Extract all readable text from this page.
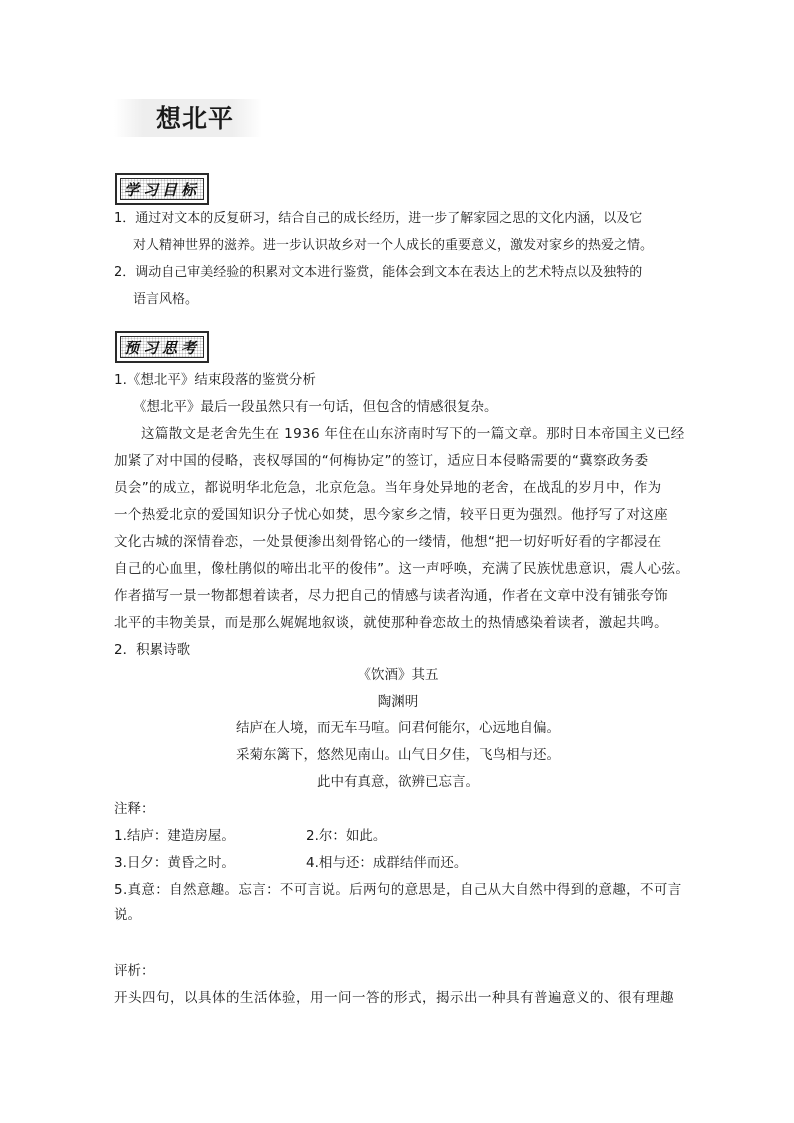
想北平
学习目标
1．通过对文本的反复研习，结合自己的成长经历，进一步了解家园之思的文化内涵，以及它
对人精神世界的滋养。进一步认识故乡对一个人成长的重要意义，激发对家乡的热爱之情。
2．调动自己审美经验的积累对文本进行鉴赏，能体会到文本在表达上的艺术特点以及独特的
语言风格。
预习思考
1.《想北平》结束段落的鉴赏分析
《想北平》最后一段虽然只有一句话，但包含的情感很复杂。
这篇散文是老舍先生在 1936 年住在山东济南时写下的一篇文章。那时日本帝国主义已经
加紧了对中国的侵略，丧权辱国的“何梅协定”的签订，适应日本侵略需要的“冀察政务委
员会”的成立，都说明华北危急，北京危急。当年身处异地的老舍，在战乱的岁月中，作为
一个热爱北京的爱国知识分子忧心如焚，思今家乡之情，较平日更为强烈。他抒写了对这座
文化古城的深情眷恋，一处景便渗出刻骨铭心的一缕情，他想“把一切好听好看的字都浸在
自己的心血里，像杜鹃似的啼出北平的俊伟”。这一声呼唤，充满了民族忧患意识，震人心弦。
作者描写一景一物都想着读者，尽力把自己的情感与读者沟通，作者在文章中没有铺张夸饰
北平的丰物美景，而是那么娓娓地叙谈，就使那种眷恋故土的热情感染着读者，激起共鸣。
2．积累诗歌
《饮酒》其五
陶渊明
结庐在人境，而无车马喧。问君何能尔，心远地自偏。
采菊东篱下，悠然见南山。山气日夕佳，飞鸟相与还。
此中有真意，欲辨已忘言。
注释：
1.结庐：建造房屋。	2.尔：如此。
3.日夕：黄昏之时。	4.相与还：成群结伴而还。
5.真意：自然意趣。忘言：不可言说。后两句的意思是，自己从大自然中得到的意趣，不可言
说。
评析：
开头四句，以具体的生活体验，用一问一答的形式，揭示出一种具有普遍意义的、很有理趣
